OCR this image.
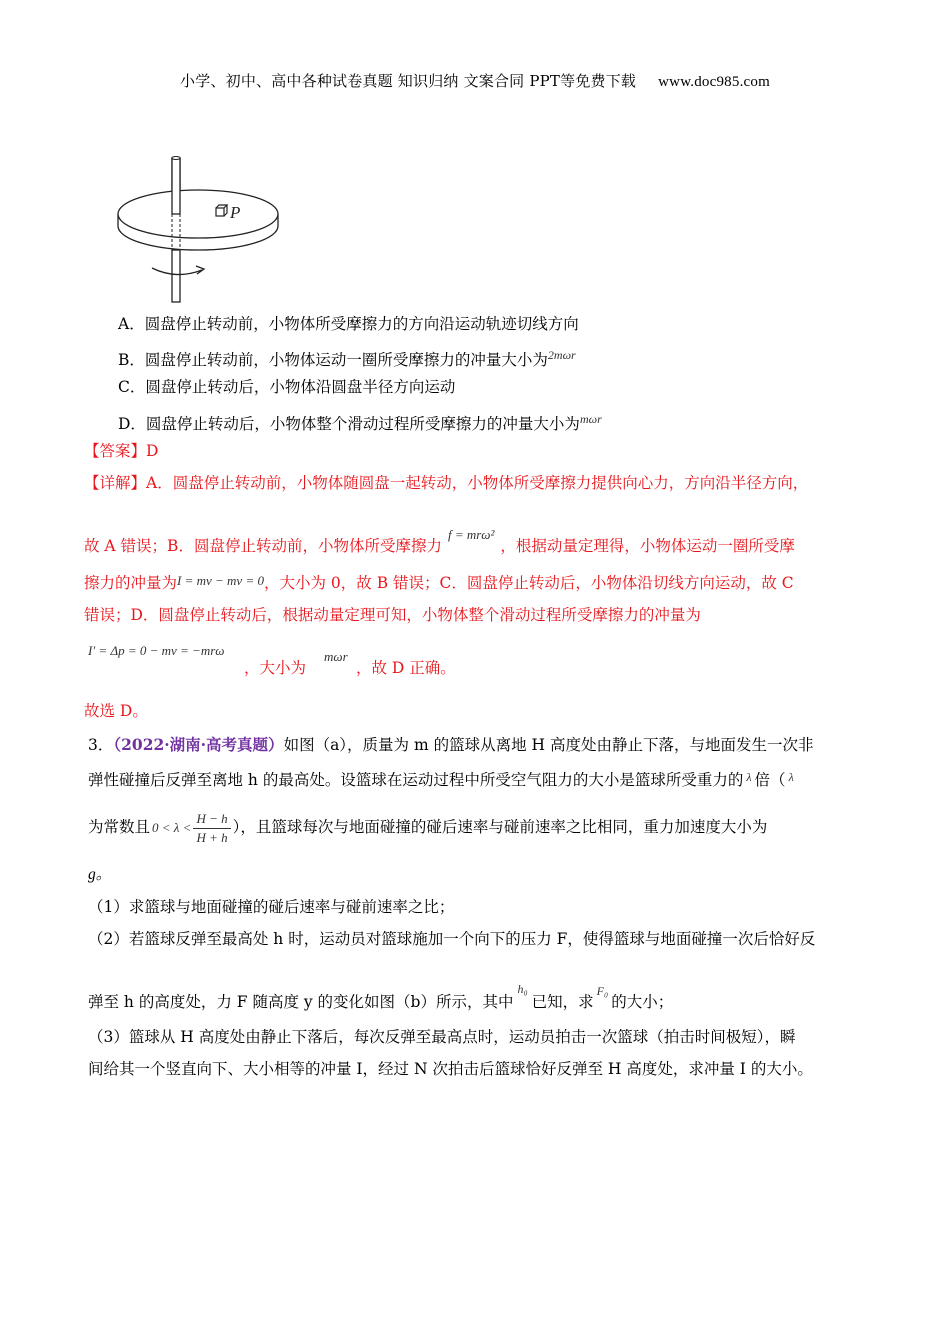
小学、初中、高中各种试卷真题 知识归纳 文案合同 PPT等免费下载 www.doc985.com
P
A．圆盘停止转动前，小物体所受摩擦力的方向沿运动轨迹切线方向
B．圆盘停止转动前，小物体运动一圈所受摩擦力的冲量大小为$^{2m\omega r}$
C．圆盘停止转动后，小物体沿圆盘半径方向运动
D．圆盘停止转动后，小物体整个滑动过程所受摩擦力的冲量大小为$^{m\omega r}$
【答案】D
【详解】A．圆盘停止转动前，小物体随圆盘一起转动，小物体所受摩擦力提供向心力，方向沿半径方向，
故 A 错误；B．圆盘停止转动前，小物体所受摩擦力$^{f = mr\omega^2}$，根据动量定理得，小物体运动一圈所受摩
擦力的冲量为I = mv − mv = 0，大小为 0，故 B 错误；C．圆盘停止转动后，小物体沿切线方向运动，故 C
错误；D．圆盘停止转动后，根据动量定理可知，小物体整个滑动过程所受摩擦力的冲量为
I′ = Δp = 0 − mv = −mrω
，大小为
mωr
，故 D 正确。
故选 D。
3．（2022·湖南·高考真题）如图（a），质量为 m 的篮球从离地 H 高度处由静止下落，与地面发生一次非
弹性碰撞后反弹至离地 h 的最高处。设篮球在运动过程中所受空气阻力的大小是篮球所受重力的 $^\lambda$ 倍（ $^\lambda$
为常数且 $0 < \lambda < \frac{H - h}{H + h}$ ），且篮球每次与地面碰撞的碰后速率与碰前速率之比相同，重力加速度大小为
g。
（1）求篮球与地面碰撞的碰后速率与碰前速率之比；
（2）若篮球反弹至最高处 h 时，运动员对篮球施加一个向下的压力 F，使得篮球与地面碰撞一次后恰好反
弹至 h 的高度处，力 F 随高度 y 的变化如图（b）所示，其中$^{h_0}$已知，求$^{F_0}$的大小；
（3）篮球从 H 高度处由静止下落后，每次反弹至最高点时，运动员拍击一次篮球（拍击时间极短），瞬
间给其一个竖直向下、大小相等的冲量 I，经过 N 次拍击后篮球恰好反弹至 H 高度处，求冲量 I 的大小。
